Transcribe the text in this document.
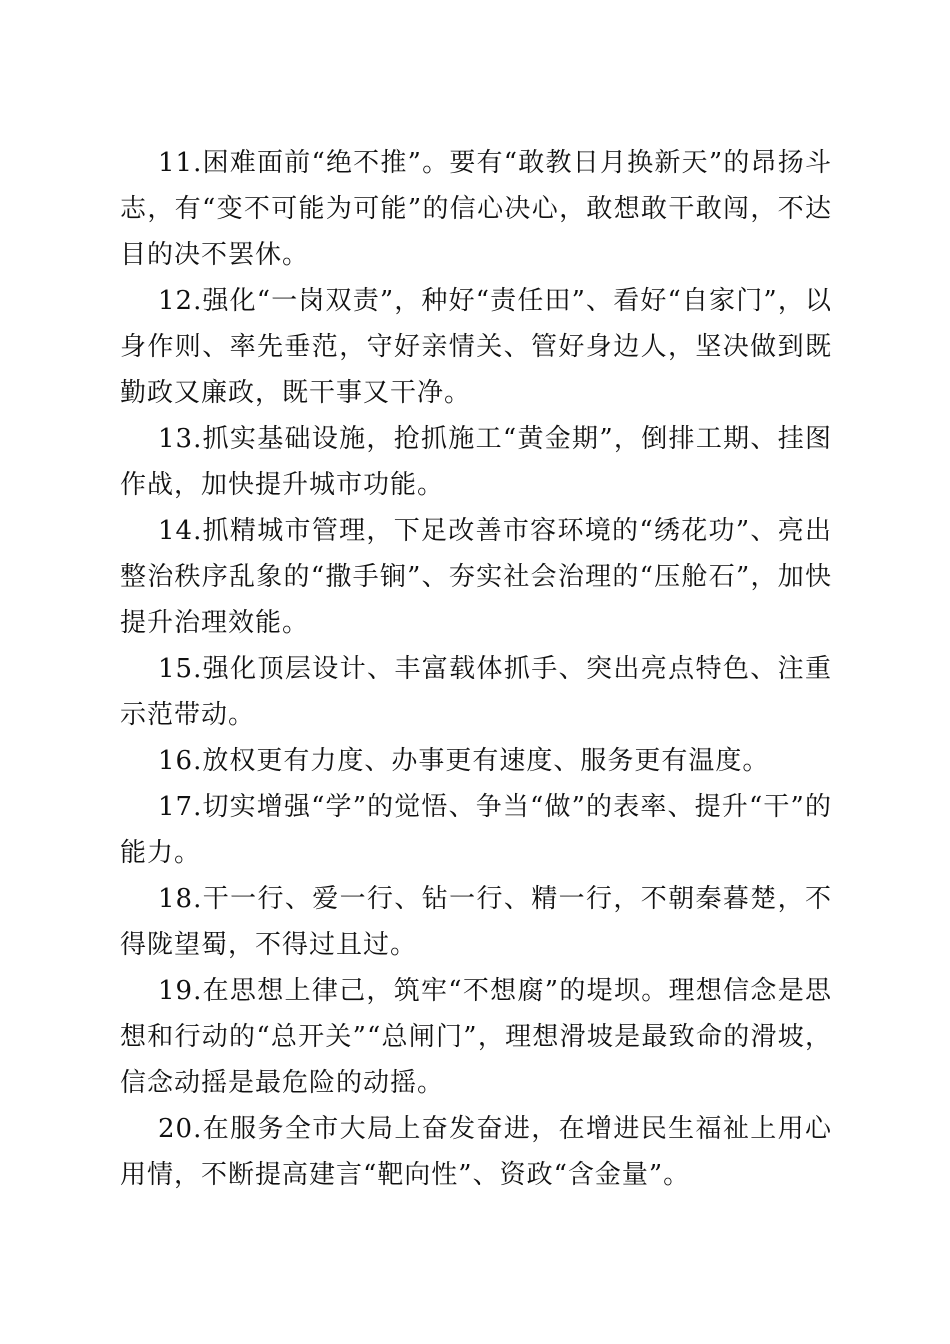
11.困难面前“绝不推”。要有“敢教日月换新天”的昂扬斗志，有“变不可能为可能”的信心决心，敢想敢干敢闯，不达目的决不罢休。

12.强化“一岗双责”，种好“责任田”、看好“自家门”，以身作则、率先垂范，守好亲情关、管好身边人，坚决做到既勤政又廉政，既干事又干净。

13.抓实基础设施，抢抓施工“黄金期”，倒排工期、挂图作战，加快提升城市功能。

14.抓精城市管理，下足改善市容环境的“绣花功”、亮出整治秩序乱象的“撒手锏”、夯实社会治理的“压舱石”，加快提升治理效能。

15.强化顶层设计、丰富载体抓手、突出亮点特色、注重示范带动。

16.放权更有力度、办事更有速度、服务更有温度。

17.切实增强“学”的觉悟、争当“做”的表率、提升“干”的能力。

18.干一行、爱一行、钻一行、精一行，不朝秦暮楚，不得陇望蜀，不得过且过。

19.在思想上律己，筑牢“不想腐”的堤坝。理想信念是思想和行动的“总开关”“总闸门”，理想滑坡是最致命的滑坡，信念动摇是最危险的动摇。

20.在服务全市大局上奋发奋进，在增进民生福祉上用心用情，不断提高建言“靶向性”、资政“含金量”。
